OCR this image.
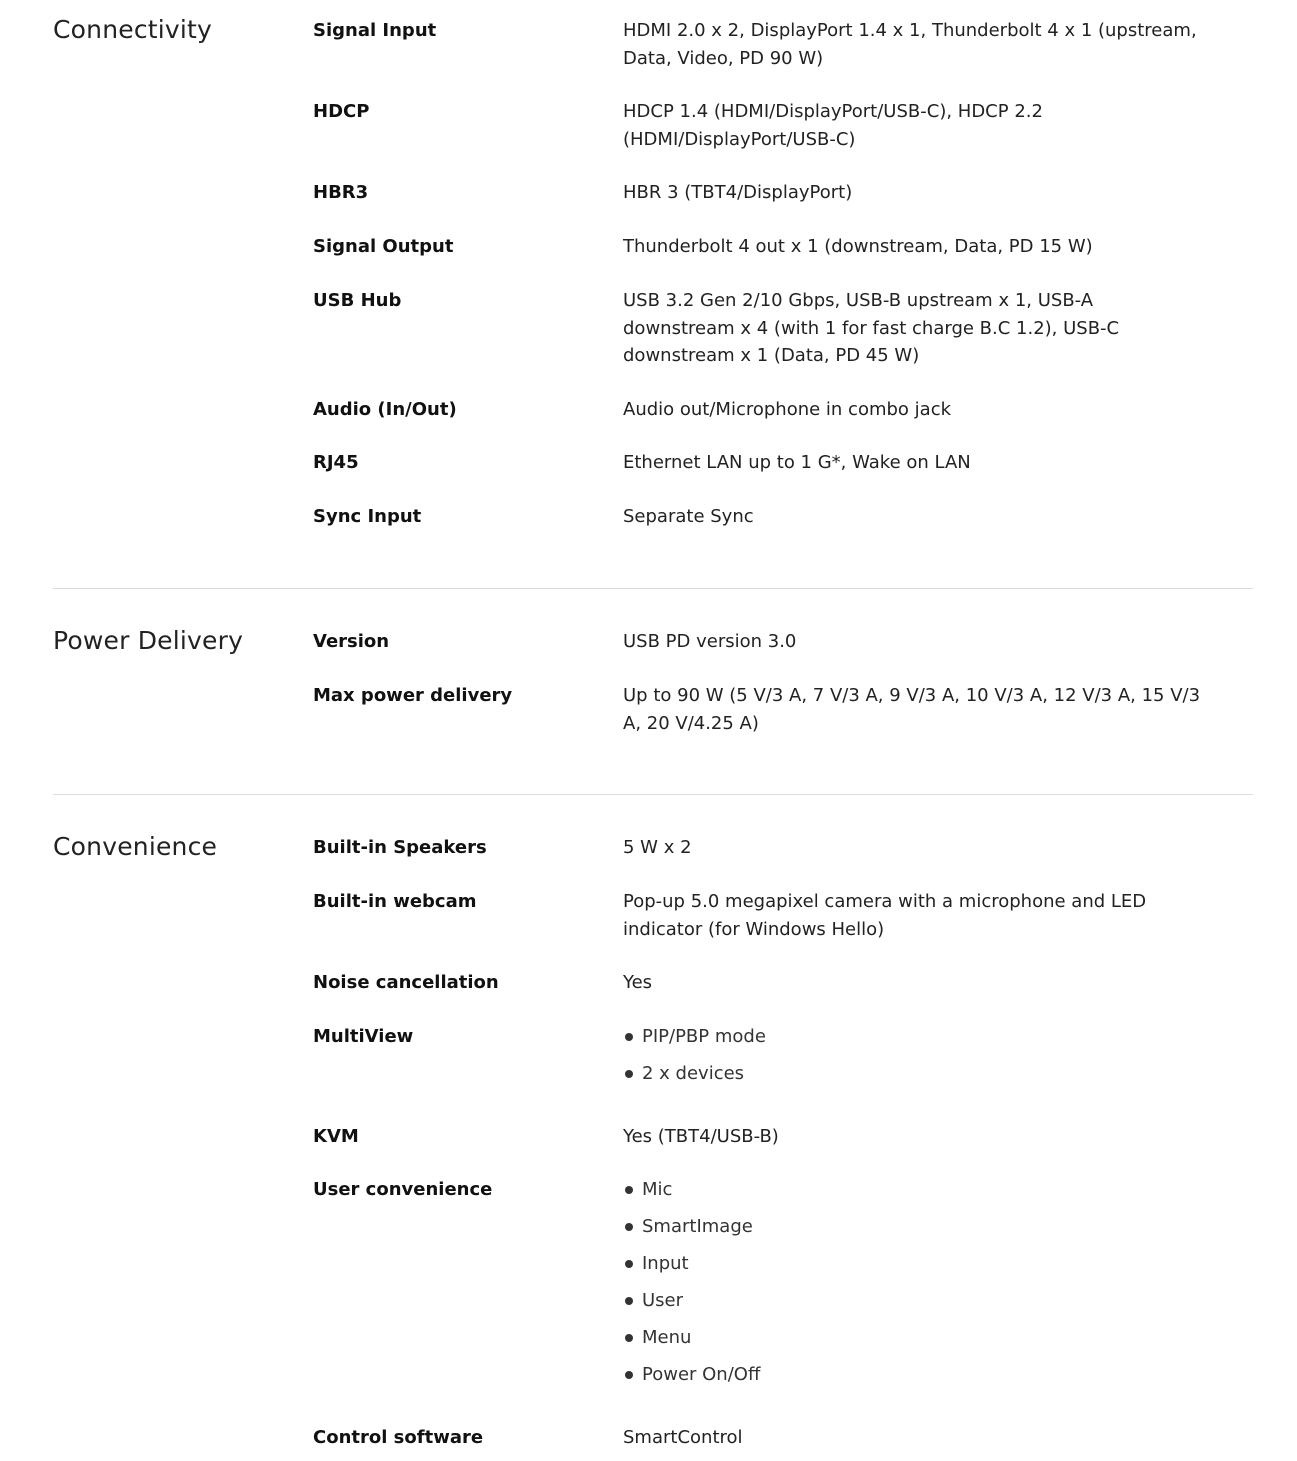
Connectivity	Signal Input	HDMI 2.0 x 2, DisplayPort 1.4 x 1, Thunderbolt 4 x 1 (upstream, Data, Video, PD 90 W)
HDCP	HDCP 1.4 (HDMI/DisplayPort/USB-C), HDCP 2.2 (HDMI/DisplayPort/USB-C)
HBR3	HBR 3 (TBT4/DisplayPort)
Signal Output	Thunderbolt 4 out x 1 (downstream, Data, PD 15 W)
USB Hub	USB 3.2 Gen 2/10 Gbps, USB-B upstream x 1, USB-A downstream x 4 (with 1 for fast charge B.C 1.2), USB-C downstream x 1 (Data, PD 45 W)
Audio (In/Out)	Audio out/Microphone in combo jack
RJ45	Ethernet LAN up to 1 G*, Wake on LAN
Sync Input	Separate Sync
Power Delivery	Version	USB PD version 3.0
Max power delivery	Up to 90 W (5 V/3 A, 7 V/3 A, 9 V/3 A, 10 V/3 A, 12 V/3 A, 15 V/3 A, 20 V/4.25 A)
Convenience	Built-in Speakers	5 W x 2
Built-in webcam	Pop-up 5.0 megapixel camera with a microphone and LED indicator (for Windows Hello)
Noise cancellation	Yes
MultiView	PIP/PBP mode
2 x devices
KVM	Yes (TBT4/USB-B)
User convenience	Mic
SmartImage
Input
User
Menu
Power On/Off
Control software	SmartControl
